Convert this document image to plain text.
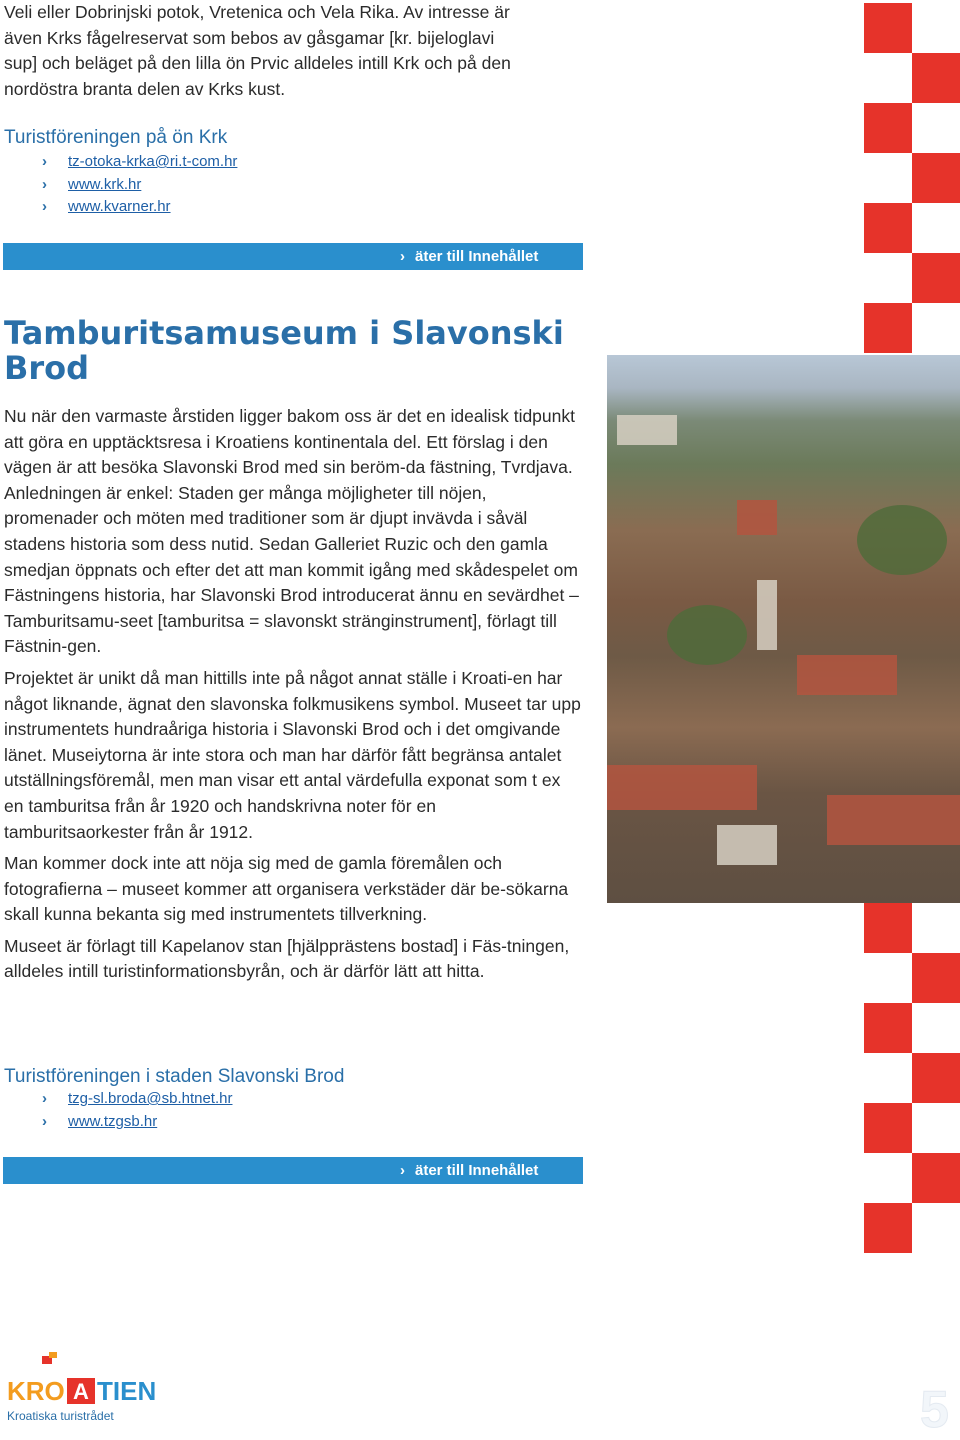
Veli eller Dobrinjski potok, Vretenica och Vela Rika. Av intresse är

även Krks fågelreservat som bebos av gåsgamar [kr. bijeloglavi

sup] och beläget på den lilla ön Prvic alldeles intill Krk och på den

nordöstra branta delen av Krks kust.

Turistföreningen på ön Krk

› tz-otoka-krka@ri.t-com.hr
› www.krk.hr
› www.kvarner.hr
› äter till Innehållet
Tamburitsamuseum i Slavonski
Brod

Nu när den varmaste årstiden ligger bakom oss är det en idealisk tidpunkt att göra en upptäcktsresa i Kroatiens kontinentala del. Ett förslag i den vägen är att besöka Slavonski Brod med sin beröm-da fästning, Tvrdjava. Anledningen är enkel: Staden ger många möjligheter till nöjen, promenader och möten med traditioner som är djupt invävda i såväl stadens historia som dess nutid. Sedan Galleriet Ruzic och den gamla smedjan öppnats och efter det att man kommit igång med skådespelet om Fästningens historia, har Slavonski Brod introducerat ännu en sevärdhet – Tamburitsamu-seet [tamburitsa = slavonskt stränginstrument], förlagt till Fästnin-gen.

Projektet är unikt då man hittills inte på något annat ställe i Kroati-en har något liknande, ägnat den slavonska folkmusikens symbol. Museet tar upp instrumentets hundraåriga historia i Slavonski Brod och i det omgivande länet. Museiytorna är inte stora och man har därför fått begränsa antalet utställningsföremål, men man visar ett antal värdefulla exponat som t ex en tamburitsa från år 1920 och handskrivna noter för en tamburitsaorkester från år 1912.

Man kommer dock inte att nöja sig med de gamla föremålen och fotografierna – museet kommer att organisera verkstäder där be-sökarna skall kunna bekanta sig med instrumentets tillverkning.

Museet är förlagt till Kapelanov stan [hjälpprästens bostad] i Fäs-tningen, alldeles intill turistinformationsbyrån, och är därför lätt att hitta.

Turistföreningen i staden Slavonski Brod

› tzg-sl.broda@sb.htnet.hr
› www.tzgsb.hr
› äter till Innehållet
KRO A TIEN
Kroatiska turistrådet	5
